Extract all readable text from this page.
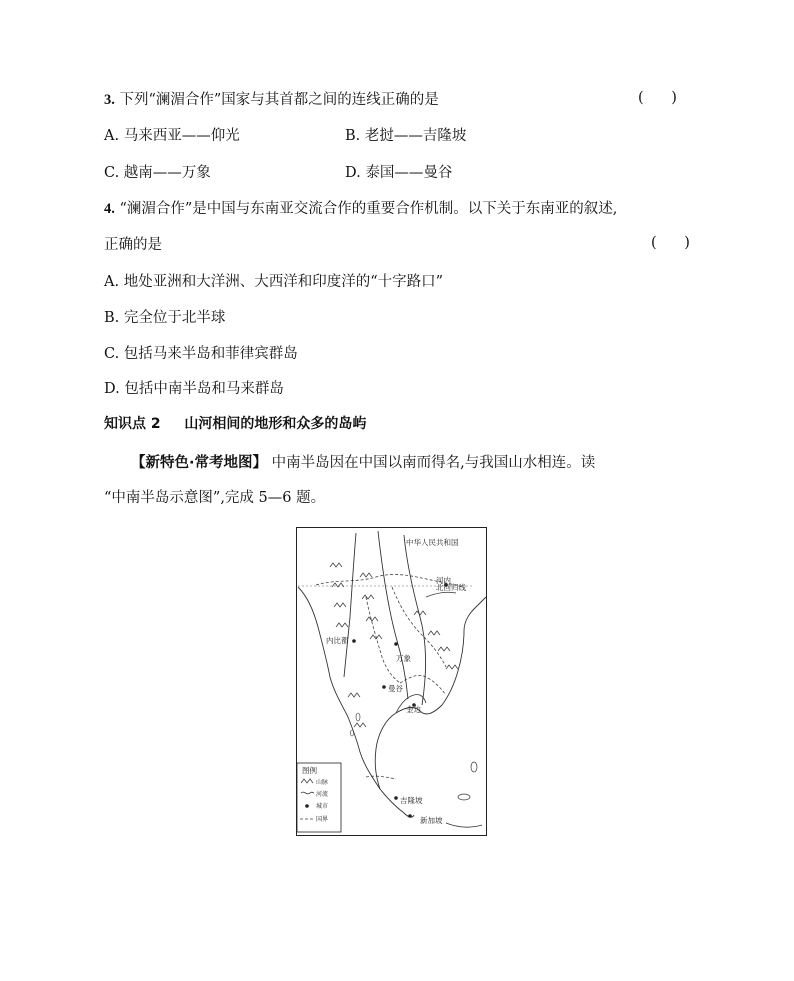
3. 下列“澜湄合作”国家与其首都之间的连线正确的是	(      )
A. 马来西亚——仰光	B. 老挝——吉隆坡
C. 越南——万象	D. 泰国——曼谷
4. “澜湄合作”是中国与东南亚交流合作的重要合作机制。以下关于东南亚的叙述,
正确的是	(      )
A. 地处亚洲和大洋洲、大西洋和印度洋的“十字路口”
B. 完全位于北半球
C. 包括马来半岛和菲律宾群岛
D. 包括中南半岛和马来群岛
知识点 2 山河相间的地形和众多的岛屿
【新特色·常考地图】 中南半岛因在中国以南而得名,与我国山水相连。读
“中南半岛示意图”,完成 5—6 题。
中华人民共和国
北回归线
河内
内比都
万象
曼谷
金边
吉隆坡
新加坡
图例
山脉
河流
城市
国界
